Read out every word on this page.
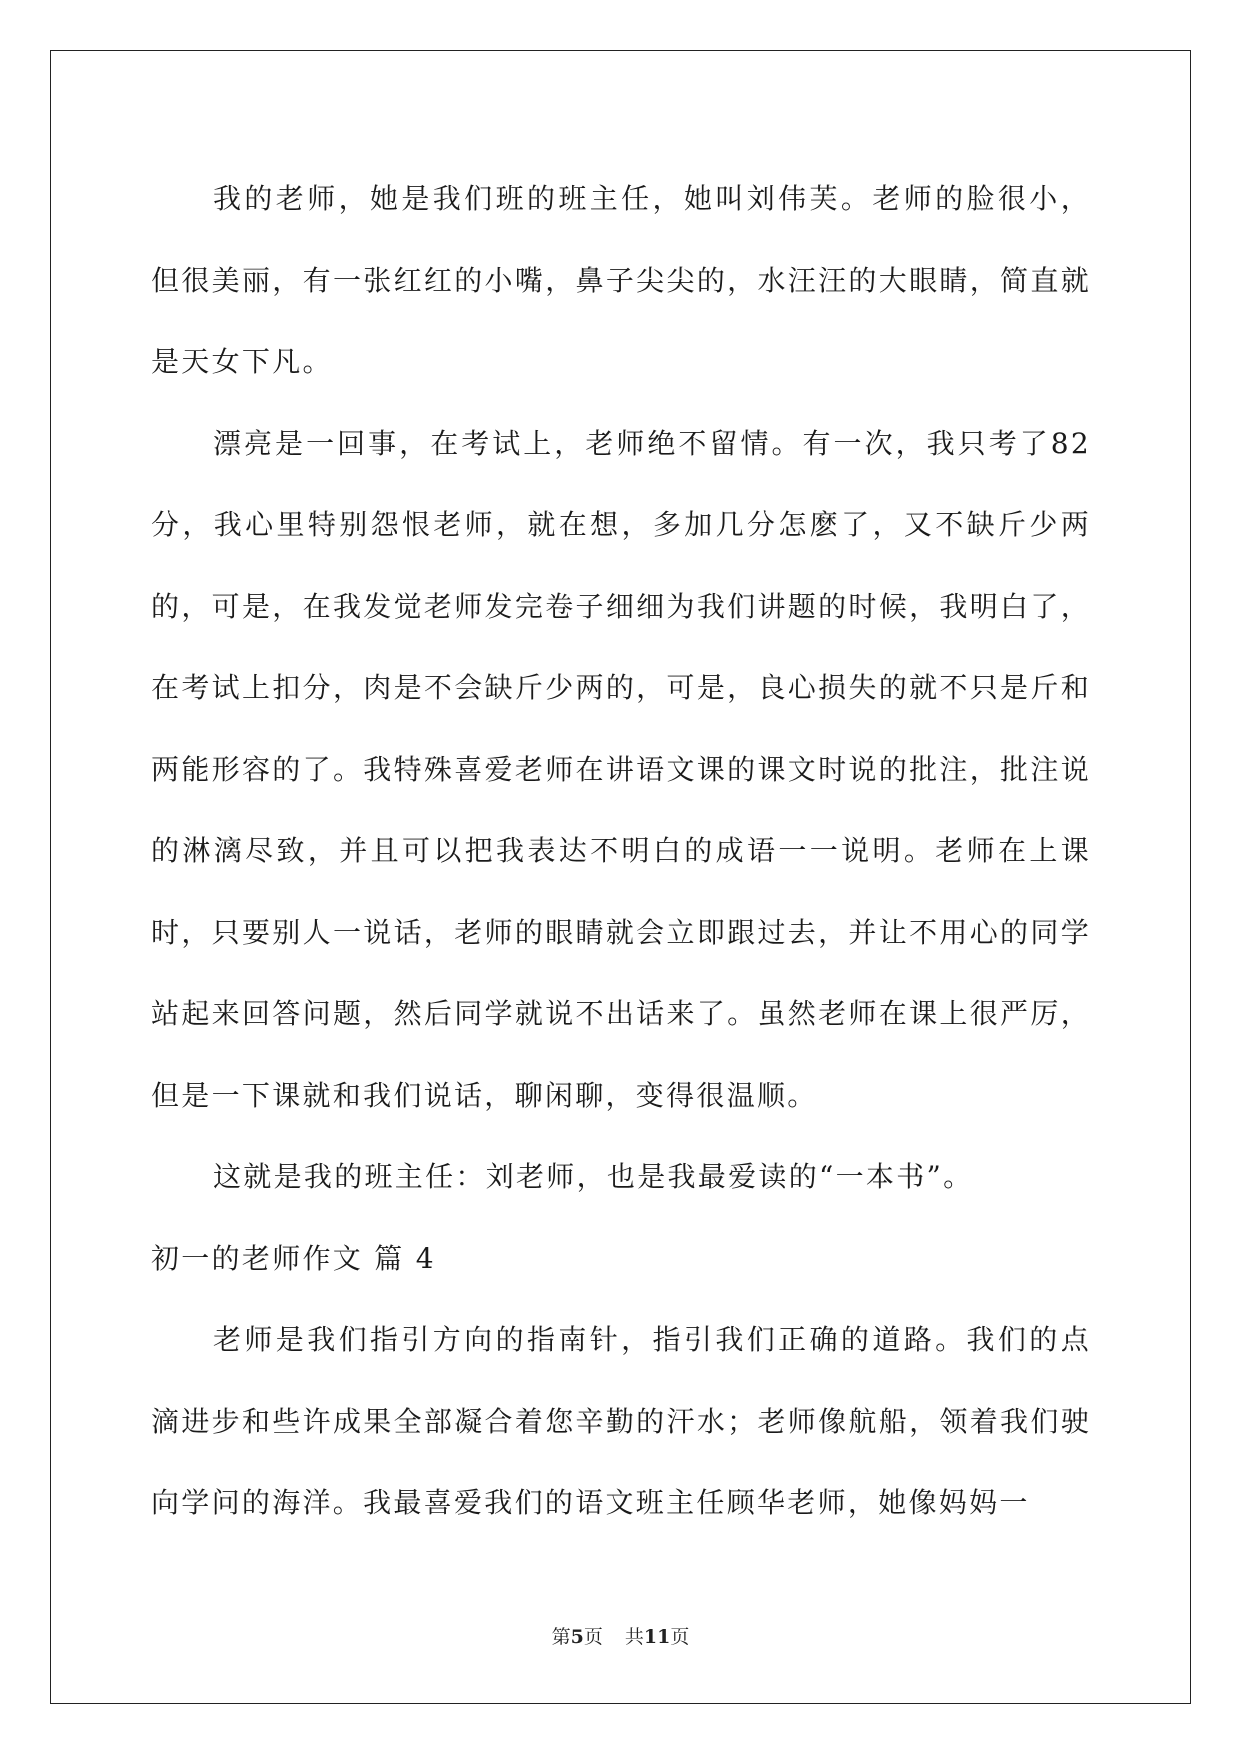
我的老师，她是我们班的班主任，她叫刘伟芙。老师的脸很小，但很美丽，有一张红红的小嘴，鼻子尖尖的，水汪汪的大眼睛，简直就是天女下凡。

漂亮是一回事，在考试上，老师绝不留情。有一次，我只考了82分，我心里特别怨恨老师，就在想，多加几分怎麽了，又不缺斤少两的，可是，在我发觉老师发完卷子细细为我们讲题的时候，我明白了，在考试上扣分，肉是不会缺斤少两的，可是，良心损失的就不只是斤和两能形容的了。我特殊喜爱老师在讲语文课的课文时说的批注，批注说的淋漓尽致，并且可以把我表达不明白的成语一一说明。老师在上课时，只要别人一说话，老师的眼睛就会立即跟过去，并让不用心的同学站起来回答问题，然后同学就说不出话来了。虽然老师在课上很严厉，但是一下课就和我们说话，聊闲聊，变得很温顺。

这就是我的班主任：刘老师，也是我最爱读的“一本书”。

初一的老师作文 篇 4

老师是我们指引方向的指南针，指引我们正确的道路。我们的点滴进步和些许成果全部凝合着您辛勤的汗水；老师像航船，领着我们驶向学问的海洋。我最喜爱我们的语文班主任顾华老师，她像妈妈一

第5页 共11页
